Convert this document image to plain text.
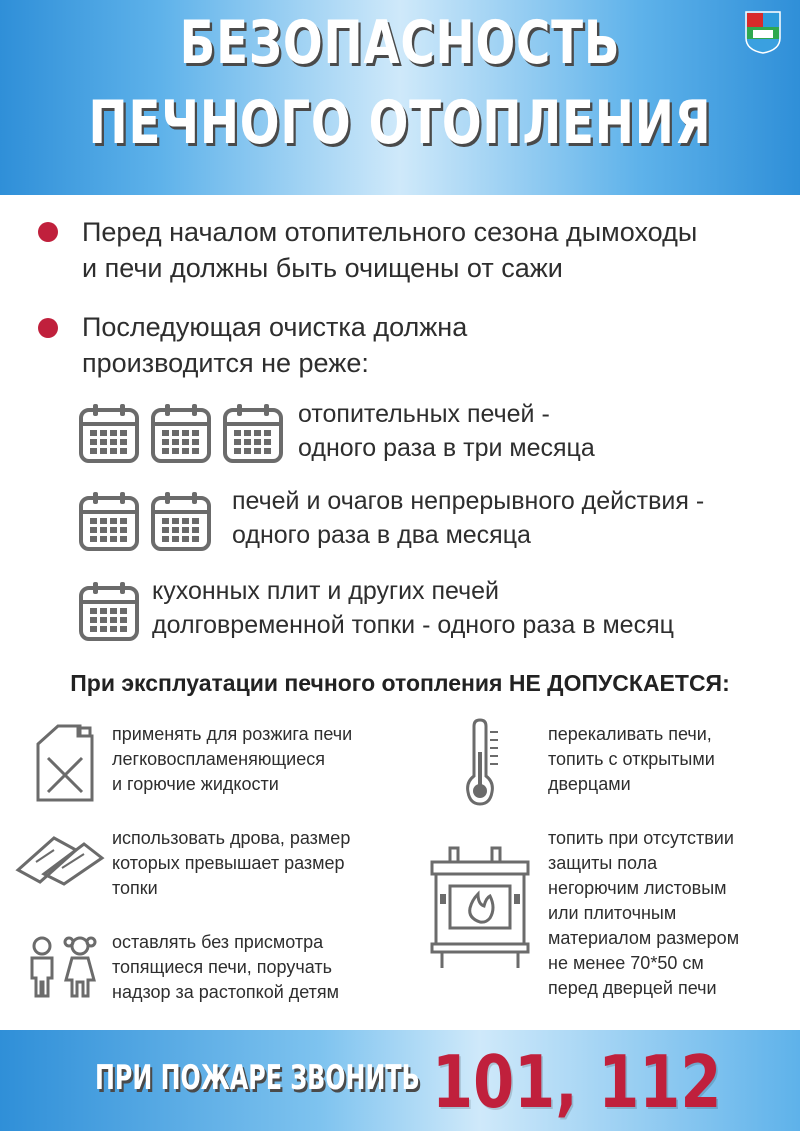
БЕЗОПАСНОСТЬ
ПЕЧНОГО ОТОПЛЕНИЯ
Перед началом отопительного сезона дымоходы
и печи должны быть очищены от сажи
Последующая очистка должна
производится не реже:
отопительных печей -
одного раза в три месяца
печей и очагов непрерывного действия -
одного раза в два месяца
кухонных плит и других печей
долговременной топки - одного раза в месяц
При эксплуатации печного отопления НЕ ДОПУСКАЕТСЯ:
применять для розжига печи
легковоспламеняющиеся
и горючие жидкости
перекаливать печи,
топить с открытыми
дверцами
использовать дрова, размер
которых превышает размер
топки
топить при отсутствии
защиты пола
негорючим листовым
или плиточным
материалом размером
не менее 70*50 см
перед дверцей печи
оставлять без присмотра
топящиеся печи, поручать
надзор за растопкой детям
ПРИ ПОЖАРЕ ЗВОНИТЬ 101, 112
